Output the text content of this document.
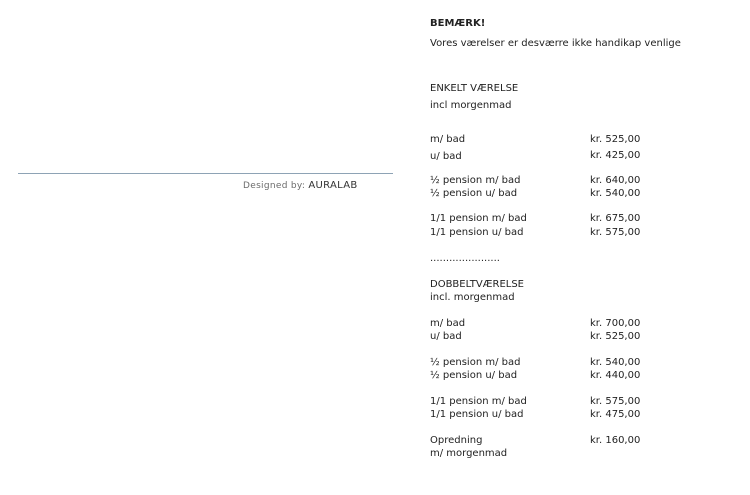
Designed by: AURALAB
BEMÆRK!
Vores værelser er desværre ikke handikap venlige
ENKELT VÆRELSE
incl morgenmad
m/ bad	kr. 525,00
u/ bad	kr. 425,00
½ pension m/ bad	kr. 640,00
½ pension u/ bad	kr. 540,00
1/1 pension m/ bad	kr. 675,00
1/1 pension u/ bad	kr. 575,00
......................
DOBBELTVÆRELSE
incl. morgenmad
m/ bad	kr. 700,00
u/ bad	kr. 525,00
½ pension m/ bad	kr. 540,00
½ pension u/ bad	kr. 440,00
1/1 pension m/ bad	kr. 575,00
1/1 pension u/ bad	kr. 475,00
Opredning	kr. 160,00
m/ morgenmad
